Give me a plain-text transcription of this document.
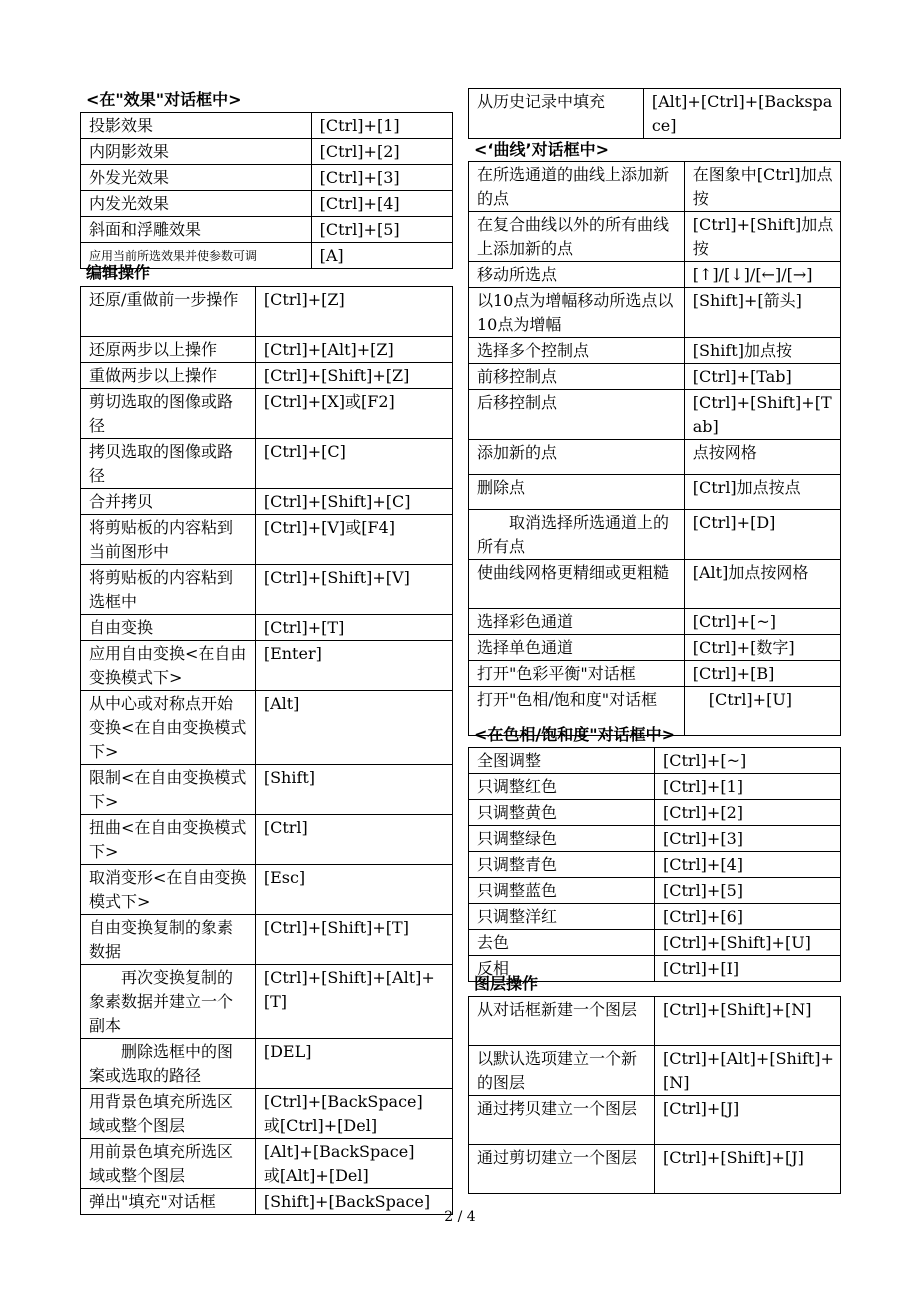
<在"效果"对话框中>
投影效果	[Ctrl]+[1]
内阴影效果	[Ctrl]+[2]
外发光效果	[Ctrl]+[3]
内发光效果	[Ctrl]+[4]
斜面和浮雕效果	[Ctrl]+[5]
应用当前所选效果并使参数可调	[A]
编辑操作
还原/重做前一步操作	[Ctrl]+[Z]
还原两步以上操作	[Ctrl]+[Alt]+[Z]
重做两步以上操作	[Ctrl]+[Shift]+[Z]
剪切选取的图像或路径	[Ctrl]+[X]或[F2]
拷贝选取的图像或路径	[Ctrl]+[C]
合并拷贝	[Ctrl]+[Shift]+[C]
将剪贴板的内容粘到当前图形中	[Ctrl]+[V]或[F4]
将剪贴板的内容粘到选框中	[Ctrl]+[Shift]+[V]
自由变换	[Ctrl]+[T]
应用自由变换<在自由变换模式下>	[Enter]
从中心或对称点开始变换<在自由变换模式下>	[Alt]
限制<在自由变换模式下>	[Shift]
扭曲<在自由变换模式下>	[Ctrl]
取消变形<在自由变换模式下>	[Esc]
自由变换复制的象素数据	[Ctrl]+[Shift]+[T]
再次变换复制的象素数据并建立一个副本	[Ctrl]+[Shift]+[Alt]+[T]
删除选框中的图案或选取的路径	[DEL]
用背景色填充所选区域或整个图层	[Ctrl]+[BackSpace]　或[Ctrl]+[Del]
用前景色填充所选区域或整个图层	[Alt]+[BackSpace]　或[Alt]+[Del]
弹出"填充"对话框	[Shift]+[BackSpace]
从历史记录中填充	[Alt]+[Ctrl]+[Backspace]
<‘曲线’对话框中>
在所选通道的曲线上添加新的点	在图象中[Ctrl]加点按
在复合曲线以外的所有曲线上添加新的点	[Ctrl]+[Shift]加点按
移动所选点	[↑]/[↓]/[←]/[→]
以10点为增幅移动所选点以10点为增幅	[Shift]+[箭头]
选择多个控制点	[Shift]加点按
前移控制点	[Ctrl]+[Tab]
后移控制点	[Ctrl]+[Shift]+[Tab]
添加新的点	点按网格
删除点	[Ctrl]加点按点
取消选择所选通道上的所有点	[Ctrl]+[D]
使曲线网格更精细或更粗糙	[Alt]加点按网格
选择彩色通道	[Ctrl]+[~]
选择单色通道	[Ctrl]+[数字]
打开"色彩平衡"对话框	[Ctrl]+[B]
打开"色相/饱和度"对话框	[Ctrl]+[U]
<在色相/饱和度"对话框中>
全图调整	[Ctrl]+[~]
只调整红色	[Ctrl]+[1]
只调整黄色	[Ctrl]+[2]
只调整绿色	[Ctrl]+[3]
只调整青色	[Ctrl]+[4]
只调整蓝色	[Ctrl]+[5]
只调整洋红	[Ctrl]+[6]
去色	[Ctrl]+[Shift]+[U]
反相	[Ctrl]+[I]
图层操作
从对话框新建一个图层	[Ctrl]+[Shift]+[N]
以默认选项建立一个新的图层	[Ctrl]+[Alt]+[Shift]+[N]
通过拷贝建立一个图层	[Ctrl]+[J]
通过剪切建立一个图层	[Ctrl]+[Shift]+[J]
2 / 4
